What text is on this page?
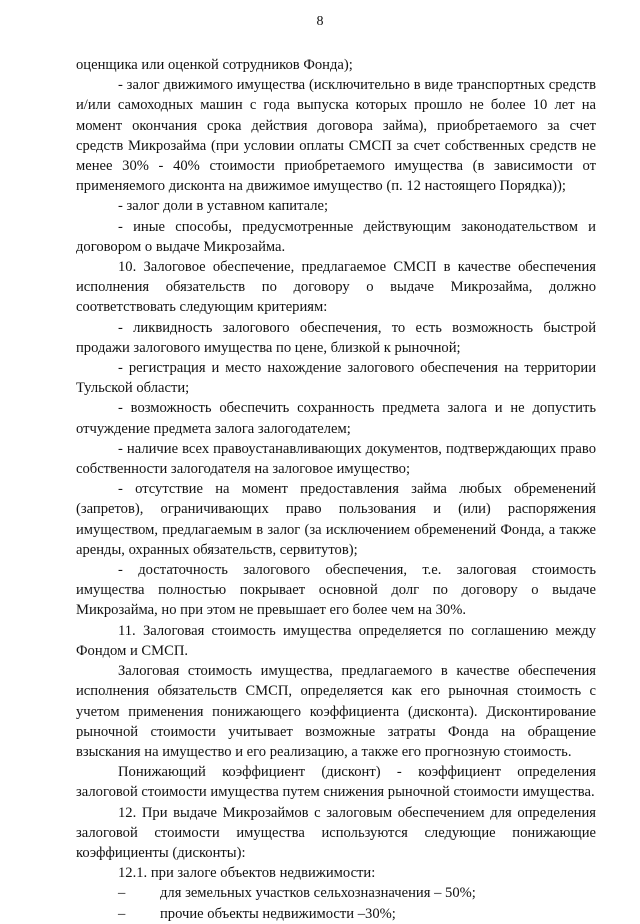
8

оценщика или оценкой сотрудников Фонда);

- залог движимого имущества (исключительно в виде транспортных средств и/или самоходных машин с года выпуска которых прошло не более 10 лет на момент окончания срока действия договора займа), приобретаемого за счет средств Микрозайма (при условии оплаты СМСП за счет собственных средств не менее 30% - 40% стоимости приобретаемого имущества (в зависимости от применяемого дисконта на движимое имущество (п. 12 настоящего Порядка));

- залог доли в уставном капитале;

- иные способы, предусмотренные действующим законодательством и договором о выдаче Микрозайма.

10. Залоговое обеспечение, предлагаемое СМСП в качестве обеспечения исполнения обязательств по договору о выдаче Микрозайма, должно соответствовать следующим критериям:

- ликвидность залогового обеспечения, то есть возможность быстрой продажи залогового имущества по цене, близкой к рыночной;

- регистрация и место нахождение залогового обеспечения на территории Тульской области;

- возможность обеспечить сохранность предмета залога и не допустить отчуждение предмета залога залогодателем;

- наличие всех правоустанавливающих документов, подтверждающих право собственности залогодателя на залоговое имущество;

- отсутствие на момент предоставления займа любых обременений (запретов), ограничивающих право пользования и (или) распоряжения имуществом, предлагаемым в залог (за исключением обременений Фонда, а также аренды, охранных обязательств, сервитутов);

- достаточность залогового обеспечения, т.е. залоговая стоимость имущества полностью покрывает основной долг по договору о выдаче Микрозайма, но при этом не превышает его более чем на 30%.

11. Залоговая стоимость имущества определяется по соглашению между Фондом и СМСП.

Залоговая стоимость имущества, предлагаемого в качестве обеспечения исполнения обязательств СМСП, определяется как его рыночная стоимость с учетом применения понижающего коэффициента (дисконта). Дисконтирование рыночной стоимости учитывает возможные затраты Фонда на обращение взыскания на имущество и его реализацию, а также его прогнозную стоимость.

Понижающий коэффициент (дисконт) - коэффициент определения залоговой стоимости имущества путем снижения рыночной стоимости имущества.

12. При выдаче Микрозаймов с залоговым обеспечением для определения залоговой стоимости имущества используются следующие понижающие коэффициенты (дисконты):

12.1. при залоге объектов недвижимости:

–	для земельных участков сельхозназначения – 50%;
–	прочие объекты недвижимости –30%;
